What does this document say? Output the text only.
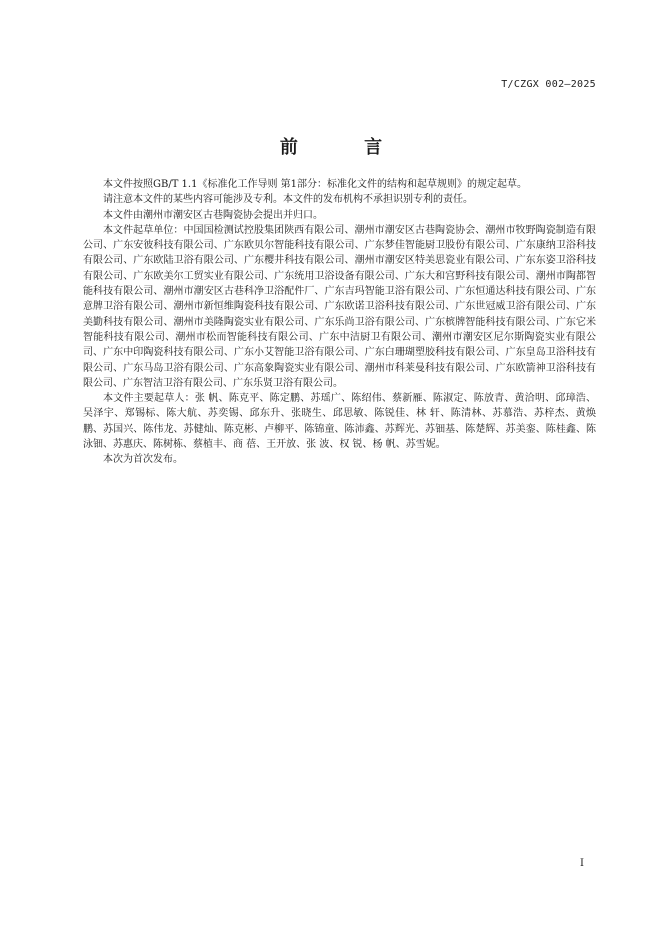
T/CZGX 002—2025
前 言

本文件按照GB/T 1.1《标准化工作导则 第1部分：标准化文件的结构和起草规则》的规定起草。

请注意本文件的某些内容可能涉及专利。本文件的发布机构不承担识别专利的责任。

本文件由潮州市潮安区古巷陶瓷协会提出并归口。

本文件起草单位：中国国检测试控股集团陕西有限公司、潮州市潮安区古巷陶瓷协会、潮州市牧野陶瓷制造有限公司、广东安彼科技有限公司、广东欧贝尔智能科技有限公司、广东梦佳智能厨卫股份有限公司、广东康纳卫浴科技有限公司、广东欧陆卫浴有限公司、广东樱井科技有限公司、潮州市潮安区特美思瓷业有限公司、广东东姿卫浴科技有限公司、广东欧美尔工贸实业有限公司、广东统用卫浴设备有限公司、广东大和宫野科技有限公司、潮州市陶都智能科技有限公司、潮州市潮安区古巷科净卫浴配件厂、广东吉玛智能卫浴有限公司、广东恒通达科技有限公司、广东意牌卫浴有限公司、潮州市新恒维陶瓷科技有限公司、广东欧诺卫浴科技有限公司、广东世冠威卫浴有限公司、广东美勤科技有限公司、潮州市美隆陶瓷实业有限公司、广东乐尚卫浴有限公司、广东槟牌智能科技有限公司、广东它米智能科技有限公司、潮州市松而智能科技有限公司、广东中洁厨卫有限公司、潮州市潮安区尼尔斯陶瓷实业有限公司、广东中印陶瓷科技有限公司、广东小艾智能卫浴有限公司、广东白珊瑚塑胶科技有限公司、广东皇岛卫浴科技有限公司、广东马岛卫浴有限公司、广东高象陶瓷实业有限公司、潮州市科莱曼科技有限公司、广东欧箭神卫浴科技有限公司、广东智洁卫浴有限公司、广东乐贤卫浴有限公司。

本文件主要起草人：张 帆、陈克平、陈定鹏、苏瑶广、陈绍伟、蔡新雁、陈淑定、陈放青、黄洽明、邱璋浩、吴泽宇、郑锡标、陈大航、苏奕锡、邱东升、张晓生、邱思敏、陈锐佳、林 轩、陈清林、苏慕浩、苏梓杰、黄焕鹏、苏国兴、陈伟龙、苏健灿、陈克彬、卢柳平、陈锦童、陈沛鑫、苏辉光、苏钿基、陈楚辉、苏美銮、陈桂鑫、陈泳钿、苏惠庆、陈树栋、蔡植丰、商 蓓、王开放、张 波、权 锐、杨 帆、苏雪妮。

本次为首次发布。

I
